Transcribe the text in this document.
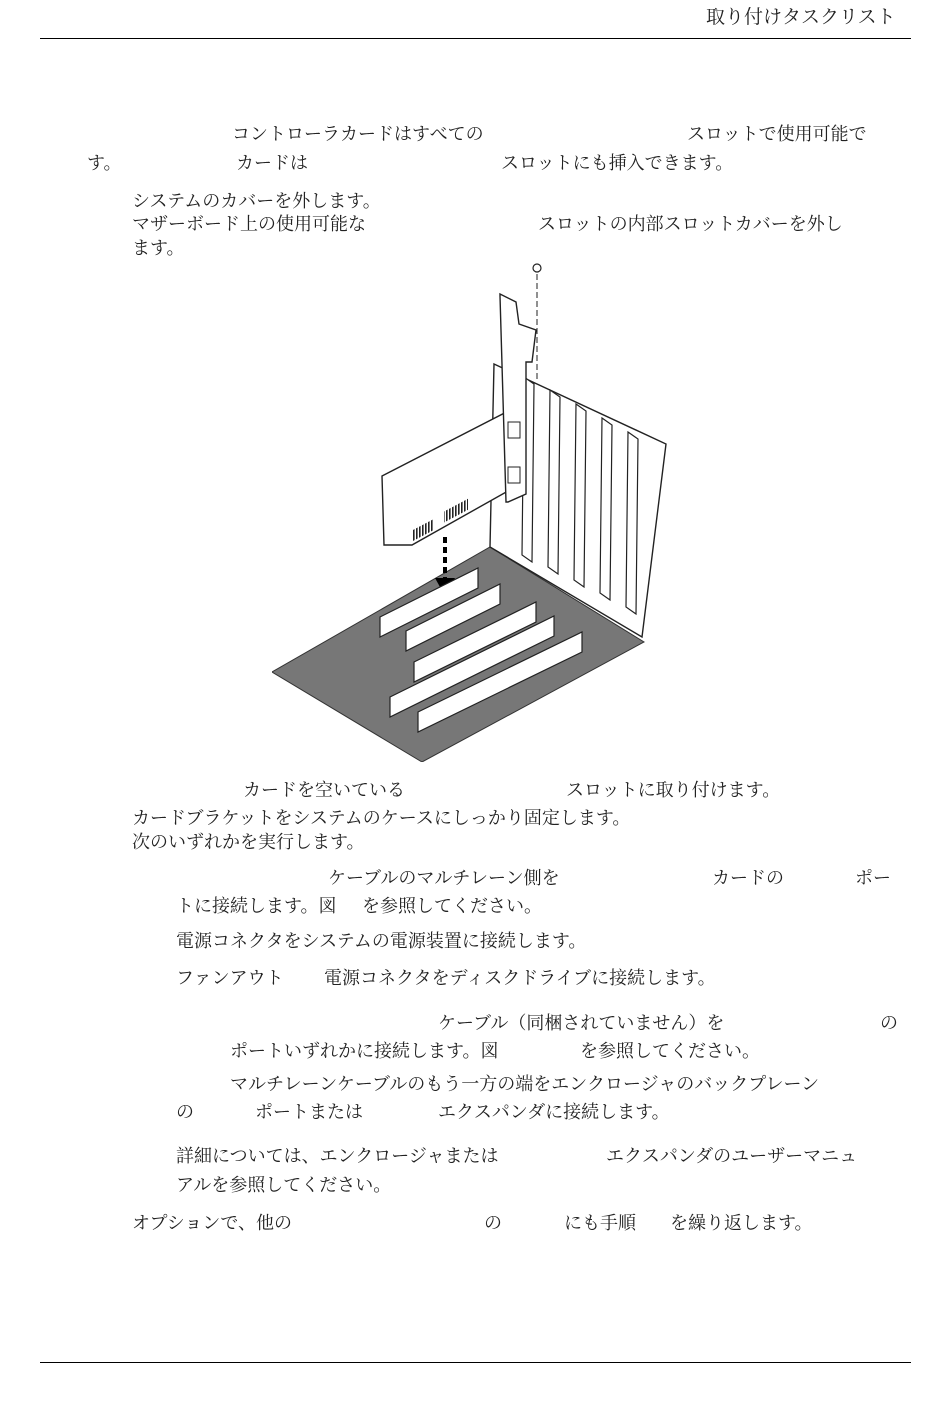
取り付けタスクリスト
コントローラカードはすべての	スロットで使用可能で
す。	カードは	スロットにも挿入できます。
システムのカバーを外します。
マザーボード上の使用可能な	スロットの内部スロットカバーを外し
ます。
カードを空いている	スロットに取り付けます。
カードブラケットをシステムのケースにしっかり固定します。
次のいずれかを実行します。
ケーブルのマルチレーン側を	カードの	ポー
トに接続します。図 を参照してください。
電源コネクタをシステムの電源装置に接続します。
ファンアウト 電源コネクタをディスクドライブに接続します。
ケーブル（同梱されていません）を	の
ポートいずれかに接続します。図	を参照してください。
マルチレーンケーブルのもう一方の端をエンクロージャのバックプレーン
の	ポートまたは	エクスパンダに接続します。
詳細については、エンクロージャまたは	エクスパンダのユーザーマニュ
アルを参照してください。
オプションで、他の	の	にも手順 を繰り返します。
